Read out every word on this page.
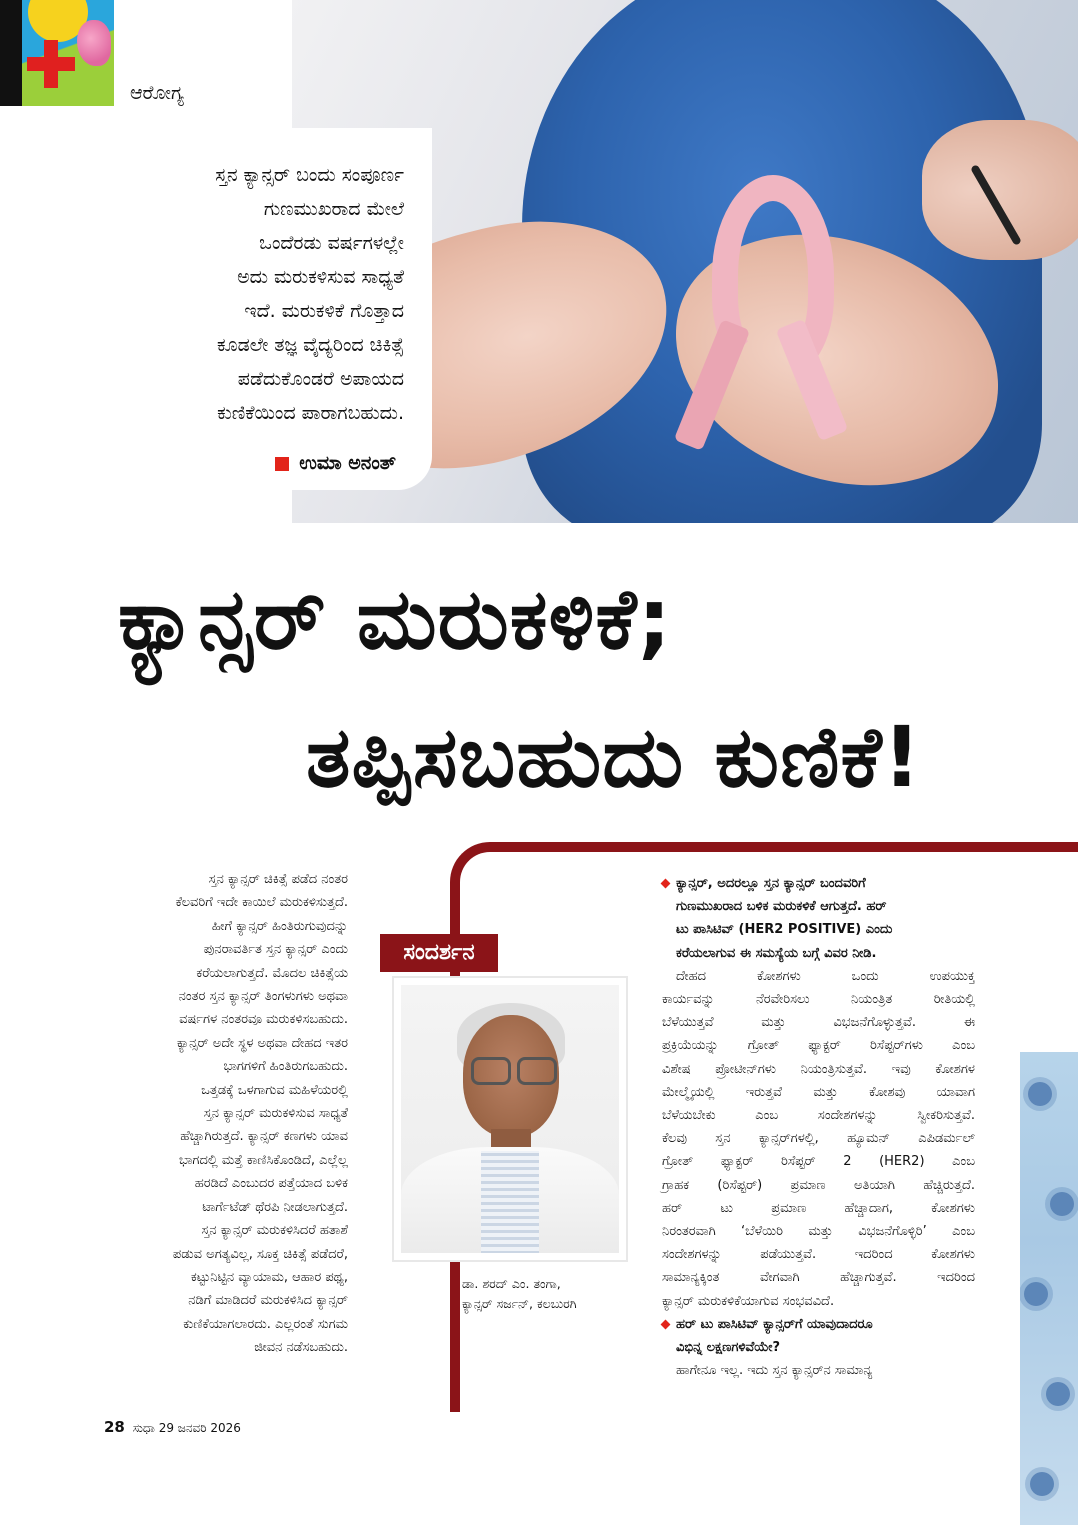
ಆರೋಗ್ಯ
ಸ್ತನ ಕ್ಯಾನ್ಸರ್ ಬಂದು ಸಂಪೂರ್ಣ
ಗುಣಮುಖರಾದ ಮೇಲೆ
ಒಂದೆರಡು ವರ್ಷಗಳಲ್ಲೇ
ಅದು ಮರುಕಳಿಸುವ ಸಾಧ್ಯತೆ
ಇದೆ. ಮರುಕಳಿಕೆ ಗೊತ್ತಾದ
ಕೂಡಲೇ ತಜ್ಞ ವೈದ್ಯರಿಂದ ಚಿಕಿತ್ಸೆ
ಪಡೆದುಕೊಂಡರೆ ಅಪಾಯದ
ಕುಣಿಕೆಯಿಂದ ಪಾರಾಗಬಹುದು.
ಉಮಾ ಅನಂತ್
ಕ್ಯಾನ್ಸರ್ ಮರುಕಳಿಕೆ;
ತಪ್ಪಿಸಬಹುದು ಕುಣಿಕೆ!
ಸ್ತನ ಕ್ಯಾನ್ಸರ್ ಚಿಕಿತ್ಸೆ ಪಡೆದ ನಂತರ
ಕೆಲವರಿಗೆ ಇದೇ ಕಾಯಿಲೆ ಮರುಕಳಿಸುತ್ತದೆ.
ಹೀಗೆ ಕ್ಯಾನ್ಸರ್ ಹಿಂತಿರುಗುವುದನ್ನು
ಪುನರಾವರ್ತಿತ ಸ್ತನ ಕ್ಯಾನ್ಸರ್ ಎಂದು
ಕರೆಯಲಾಗುತ್ತದೆ. ಮೊದಲ ಚಿಕಿತ್ಸೆಯ
ನಂತರ ಸ್ತನ ಕ್ಯಾನ್ಸರ್ ತಿಂಗಳುಗಳು ಅಥವಾ
ವರ್ಷಗಳ ನಂತರವೂ ಮರುಕಳಿಸಬಹುದು.
ಕ್ಯಾನ್ಸರ್ ಅದೇ ಸ್ಥಳ ಅಥವಾ ದೇಹದ ಇತರ
ಭಾಗಗಳಿಗೆ ಹಿಂತಿರುಗಬಹುದು.
ಒತ್ತಡಕ್ಕೆ ಒಳಗಾಗುವ ಮಹಿಳೆಯರಲ್ಲಿ
ಸ್ತನ ಕ್ಯಾನ್ಸರ್ ಮರುಕಳಿಸುವ ಸಾಧ್ಯತೆ
ಹೆಚ್ಚಾಗಿರುತ್ತದೆ. ಕ್ಯಾನ್ಸರ್ ಕಣಗಳು ಯಾವ
ಭಾಗದಲ್ಲಿ ಮತ್ತೆ ಕಾಣಿಸಿಕೊಂಡಿದೆ, ಎಲ್ಲೆಲ್ಲ
ಹರಡಿದೆ ಎಂಬುದರ ಪತ್ತೆಯಾದ ಬಳಿಕ
ಟಾರ್ಗೆಟೆಡ್ ಥೆರಪಿ ನೀಡಲಾಗುತ್ತದೆ.
ಸ್ತನ ಕ್ಯಾನ್ಸರ್ ಮರುಕಳಿಸಿದರೆ ಹತಾಶೆ
ಪಡುವ ಅಗತ್ಯವಿಲ್ಲ, ಸೂಕ್ತ ಚಿಕಿತ್ಸೆ ಪಡೆದರೆ,
ಕಟ್ಟುನಿಟ್ಟಿನ ವ್ಯಾಯಾಮ, ಆಹಾರ ಪಥ್ಯ,
ನಡಿಗೆ ಮಾಡಿದರೆ ಮರುಕಳಿಸಿದ ಕ್ಯಾನ್ಸರ್
ಕುಣಿಕೆಯಾಗಲಾರದು. ಎಲ್ಲರಂತೆ ಸುಗಮ
ಜೀವನ ನಡೆಸಬಹುದು.
ಸಂದರ್ಶನ
ಡಾ. ಶರದ್ ಎಂ. ತಂಗಾ,
ಕ್ಯಾನ್ಸರ್ ಸರ್ಜನ್, ಕಲಬುರಗಿ
ಕ್ಯಾನ್ಸರ್, ಅದರಲ್ಲೂ ಸ್ತನ ಕ್ಯಾನ್ಸರ್ ಬಂದವರಿಗೆ
ಗುಣಮುಖರಾದ ಬಳಿಕ ಮರುಕಳಿಕೆ ಆಗುತ್ತದೆ. ಹರ್
ಟು ಪಾಸಿಟಿವ್ (HER2 POSITIVE) ಎಂದು
ಕರೆಯಲಾಗುವ ಈ ಸಮಸ್ಯೆಯ ಬಗ್ಗೆ ವಿವರ ನೀಡಿ.
ದೇಹದ ಕೋಶಗಳು ಒಂದು ಉಪಯುಕ್ತ
ಕಾರ್ಯವನ್ನು ನೆರವೇರಿಸಲು ನಿಯಂತ್ರಿತ ರೀತಿಯಲ್ಲಿ
ಬೆಳೆಯುತ್ತವೆ ಮತ್ತು ವಿಭಜನೆಗೊಳ್ಳುತ್ತವೆ. ಈ
ಪ್ರಕ್ರಿಯೆಯನ್ನು ಗ್ರೋತ್ ಫ್ಯಾಕ್ಟರ್ ರಿಸೆಪ್ಟರ್‌ಗಳು ಎಂಬ
ವಿಶೇಷ ಪ್ರೋಟೀನ್‌ಗಳು ನಿಯಂತ್ರಿಸುತ್ತವೆ. ಇವು ಕೋಶಗಳ
ಮೇಲ್ಮೈಯಲ್ಲಿ ಇರುತ್ತವೆ ಮತ್ತು ಕೋಶವು ಯಾವಾಗ
ಬೆಳೆಯಬೇಕು ಎಂಬ ಸಂದೇಶಗಳನ್ನು ಸ್ವೀಕರಿಸುತ್ತವೆ.
ಕೆಲವು ಸ್ತನ ಕ್ಯಾನ್ಸರ್‌ಗಳಲ್ಲಿ, ಹ್ಯೂಮನ್ ಎಪಿಡರ್ಮಲ್
ಗ್ರೋತ್ ಫ್ಯಾಕ್ಟರ್ ರಿಸೆಪ್ಟರ್ 2 (HER2) ಎಂಬ
ಗ್ರಾಹಕ (ರಿಸೆಪ್ಟರ್) ಪ್ರಮಾಣ ಅತಿಯಾಗಿ ಹೆಚ್ಚಿರುತ್ತದೆ.
ಹರ್ ಟು ಪ್ರಮಾಣ ಹೆಚ್ಚಾದಾಗ, ಕೋಶಗಳು
ನಿರಂತರವಾಗಿ ‘ಬೆಳೆಯಿರಿ ಮತ್ತು ವಿಭಜನೆಗೊಳ್ಳಿರಿ’ ಎಂಬ
ಸಂದೇಶಗಳನ್ನು ಪಡೆಯುತ್ತವೆ. ಇದರಿಂದ ಕೋಶಗಳು
ಸಾಮಾನ್ಯಕ್ಕಿಂತ ವೇಗವಾಗಿ ಹೆಚ್ಚಾಗುತ್ತವೆ. ಇದರಿಂದ
ಕ್ಯಾನ್ಸರ್ ಮರುಕಳಿಕೆಯಾಗುವ ಸಂಭವವಿದೆ.
ಹರ್ ಟು ಪಾಸಿಟಿವ್ ಕ್ಯಾನ್ಸರ್‌ಗೆ ಯಾವುದಾದರೂ
ವಿಭಿನ್ನ ಲಕ್ಷಣಗಳಿವೆಯೇ?
ಹಾಗೇನೂ ಇಲ್ಲ. ಇದು ಸ್ತನ ಕ್ಯಾನ್ಸರ್‌ನ ಸಾಮಾನ್ಯ
28 ಸುಧಾ 29 ಜನವರಿ 2026
